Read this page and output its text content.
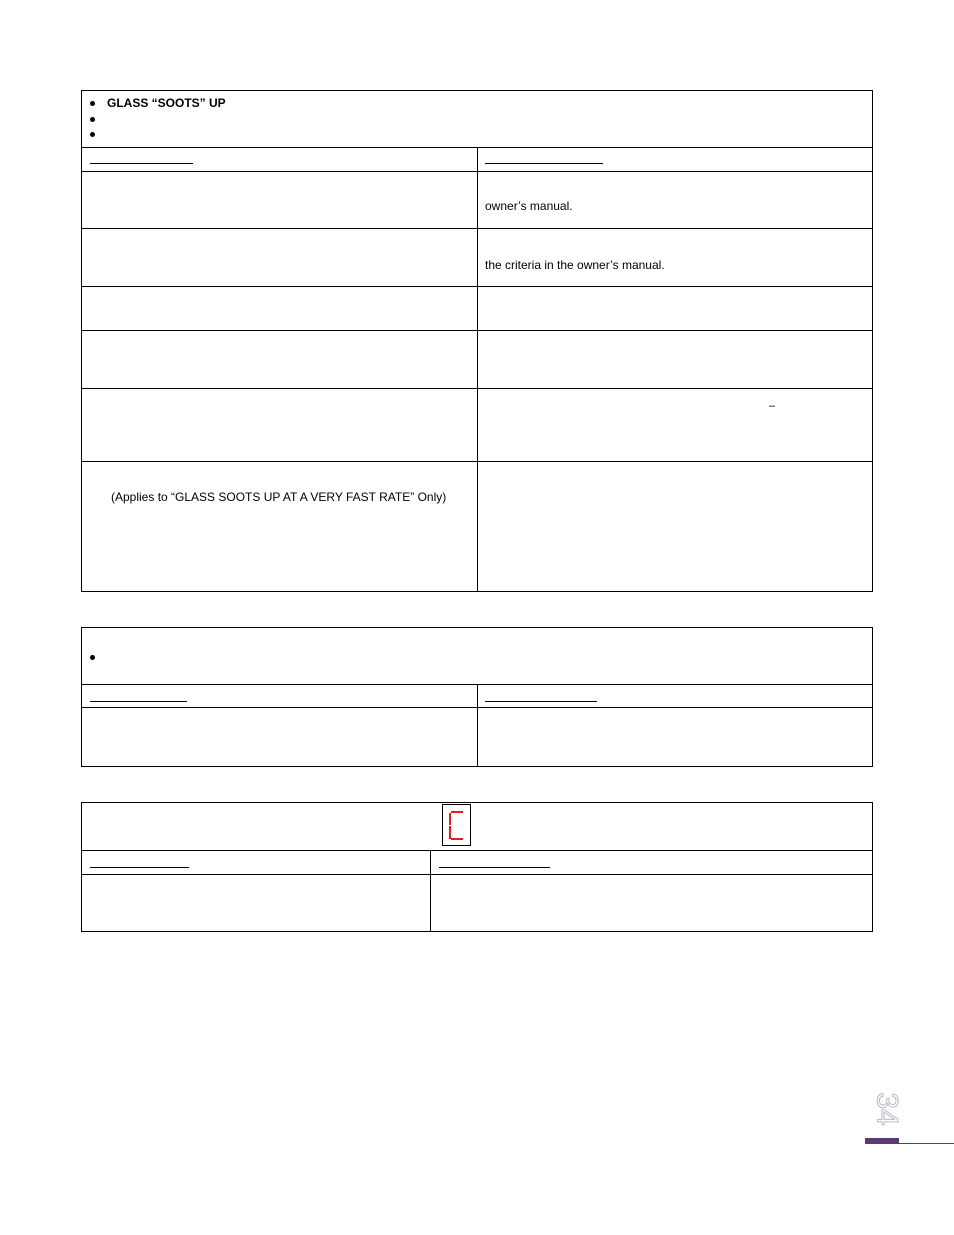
GLASS “SOOTS” UP
owner’s manual.
the criteria in the owner’s manual.
–
(Applies to “GLASS SOOTS UP AT A VERY FAST RATE” Only)
34
